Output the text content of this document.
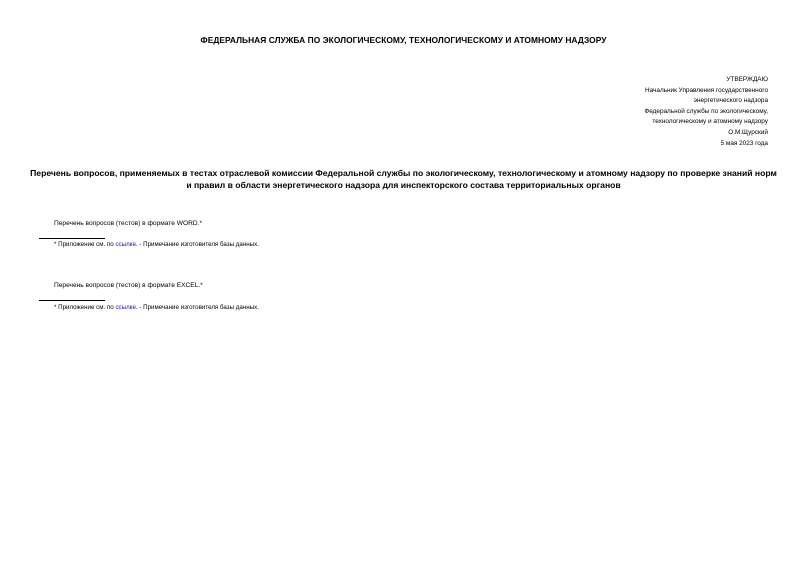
ФЕДЕРАЛЬНАЯ СЛУЖБА ПО ЭКОЛОГИЧЕСКОМУ, ТЕХНОЛОГИЧЕСКОМУ И АТОМНОМУ НАДЗОРУ
УТВЕРЖДАЮ
Начальник Управления государственного
энергетического надзора
Федеральной службы по экологическому,
технологическому и атомному надзору
О.М.Щурский
5 мая 2023 года
Перечень вопросов, применяемых в тестах отраслевой комиссии Федеральной службы по экологическому, технологическому и атомному надзору по проверке знаний норм и правил в области энергетического надзора для инспекторского состава территориальных органов
Перечень вопросов (тестов) в формате WORD.*
* Приложение см. по ссылке. - Примечание изготовителя базы данных.
Перечень вопросов (тестов) в формате EXCEL.*
* Приложение см. по ссылке. - Примечание изготовителя базы данных.
